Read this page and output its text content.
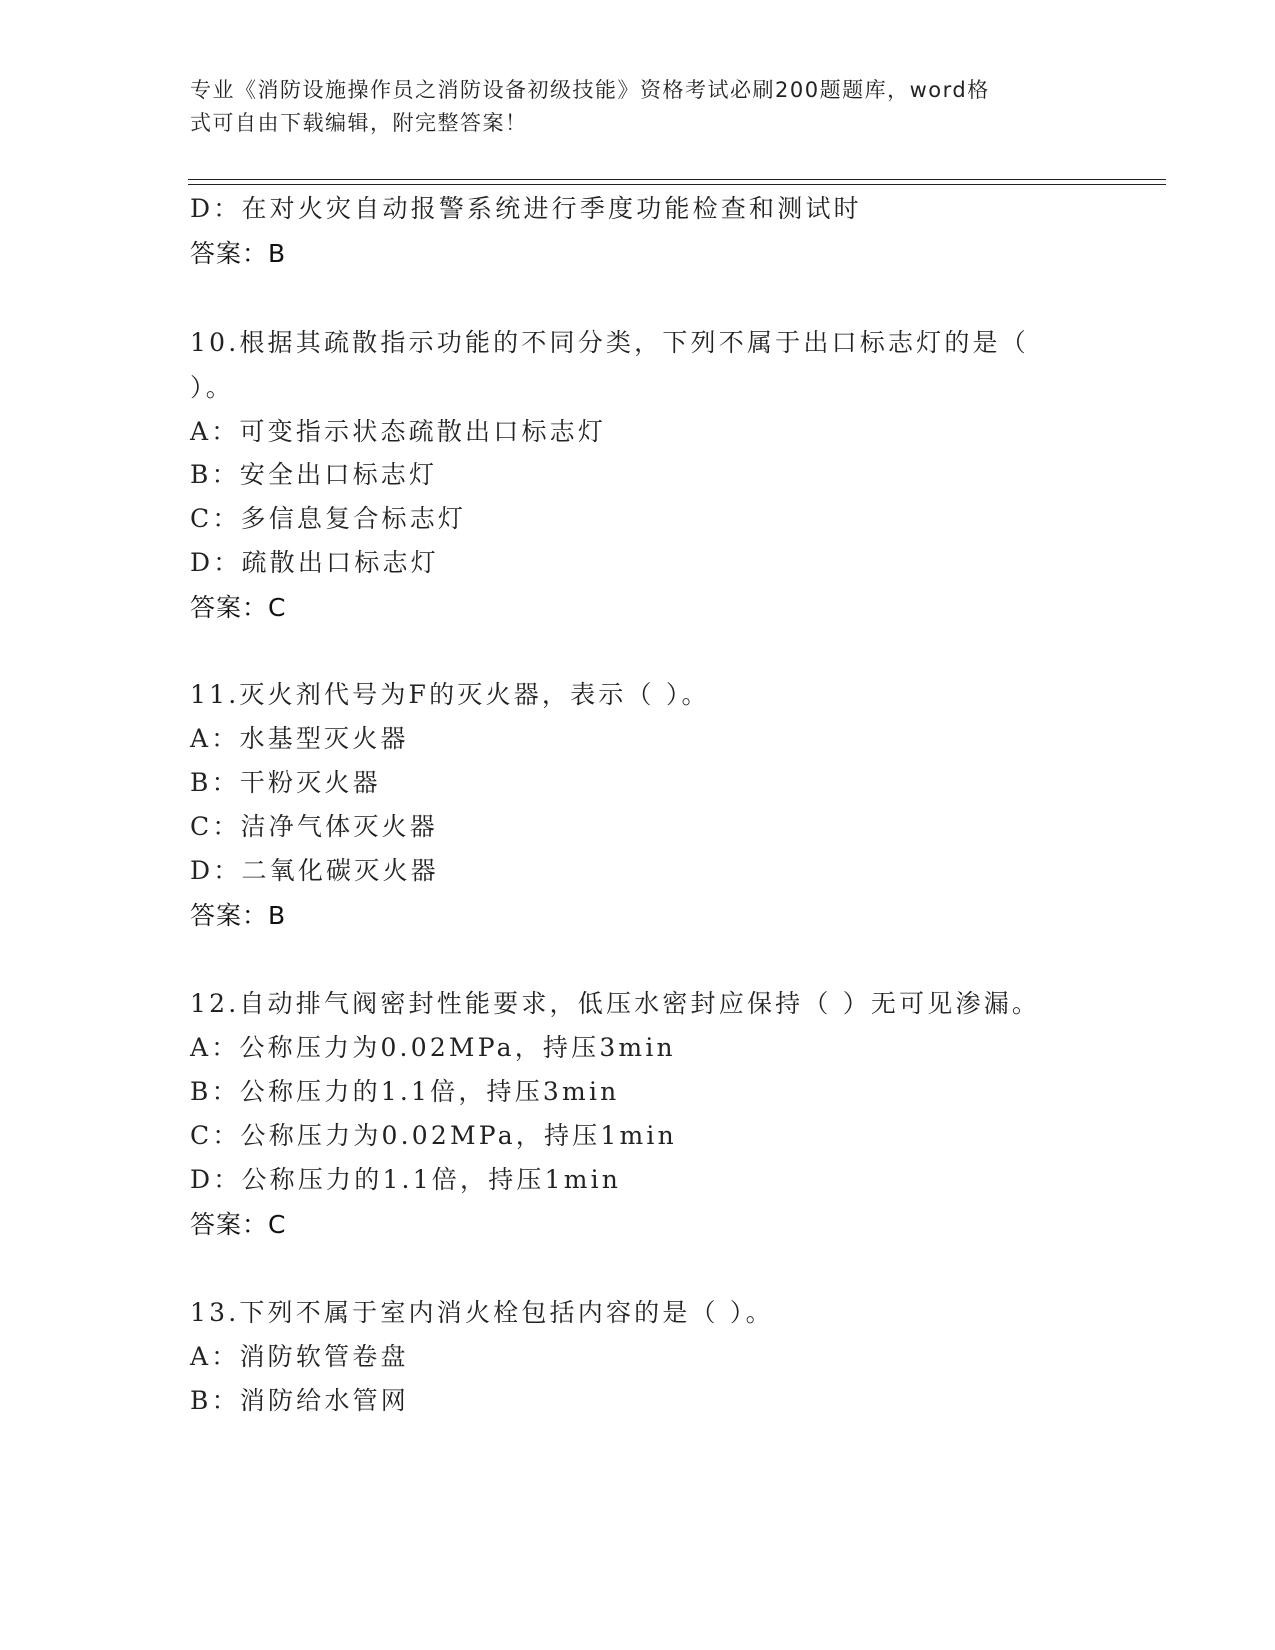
专业《消防设施操作员之消防设备初级技能》资格考试必刷200题题库，word格
式可自由下载编辑，附完整答案！
D：在对火灾自动报警系统进行季度功能检查和测试时
答案：B
10.根据其疏散指示功能的不同分类，下列不属于出口标志灯的是（
）。
A：可变指示状态疏散出口标志灯
B：安全出口标志灯
C：多信息复合标志灯
D：疏散出口标志灯
答案：C
11.灭火剂代号为F的灭火器，表示（ ）。
A：水基型灭火器
B：干粉灭火器
C：洁净气体灭火器
D：二氧化碳灭火器
答案：B
12.自动排气阀密封性能要求，低压水密封应保持（ ）无可见渗漏。
A：公称压力为0.02MPa，持压3min
B：公称压力的1.1倍，持压3min
C：公称压力为0.02MPa，持压1min
D：公称压力的1.1倍，持压1min
答案：C
13.下列不属于室内消火栓包括内容的是（ ）。
A：消防软管卷盘
B：消防给水管网
